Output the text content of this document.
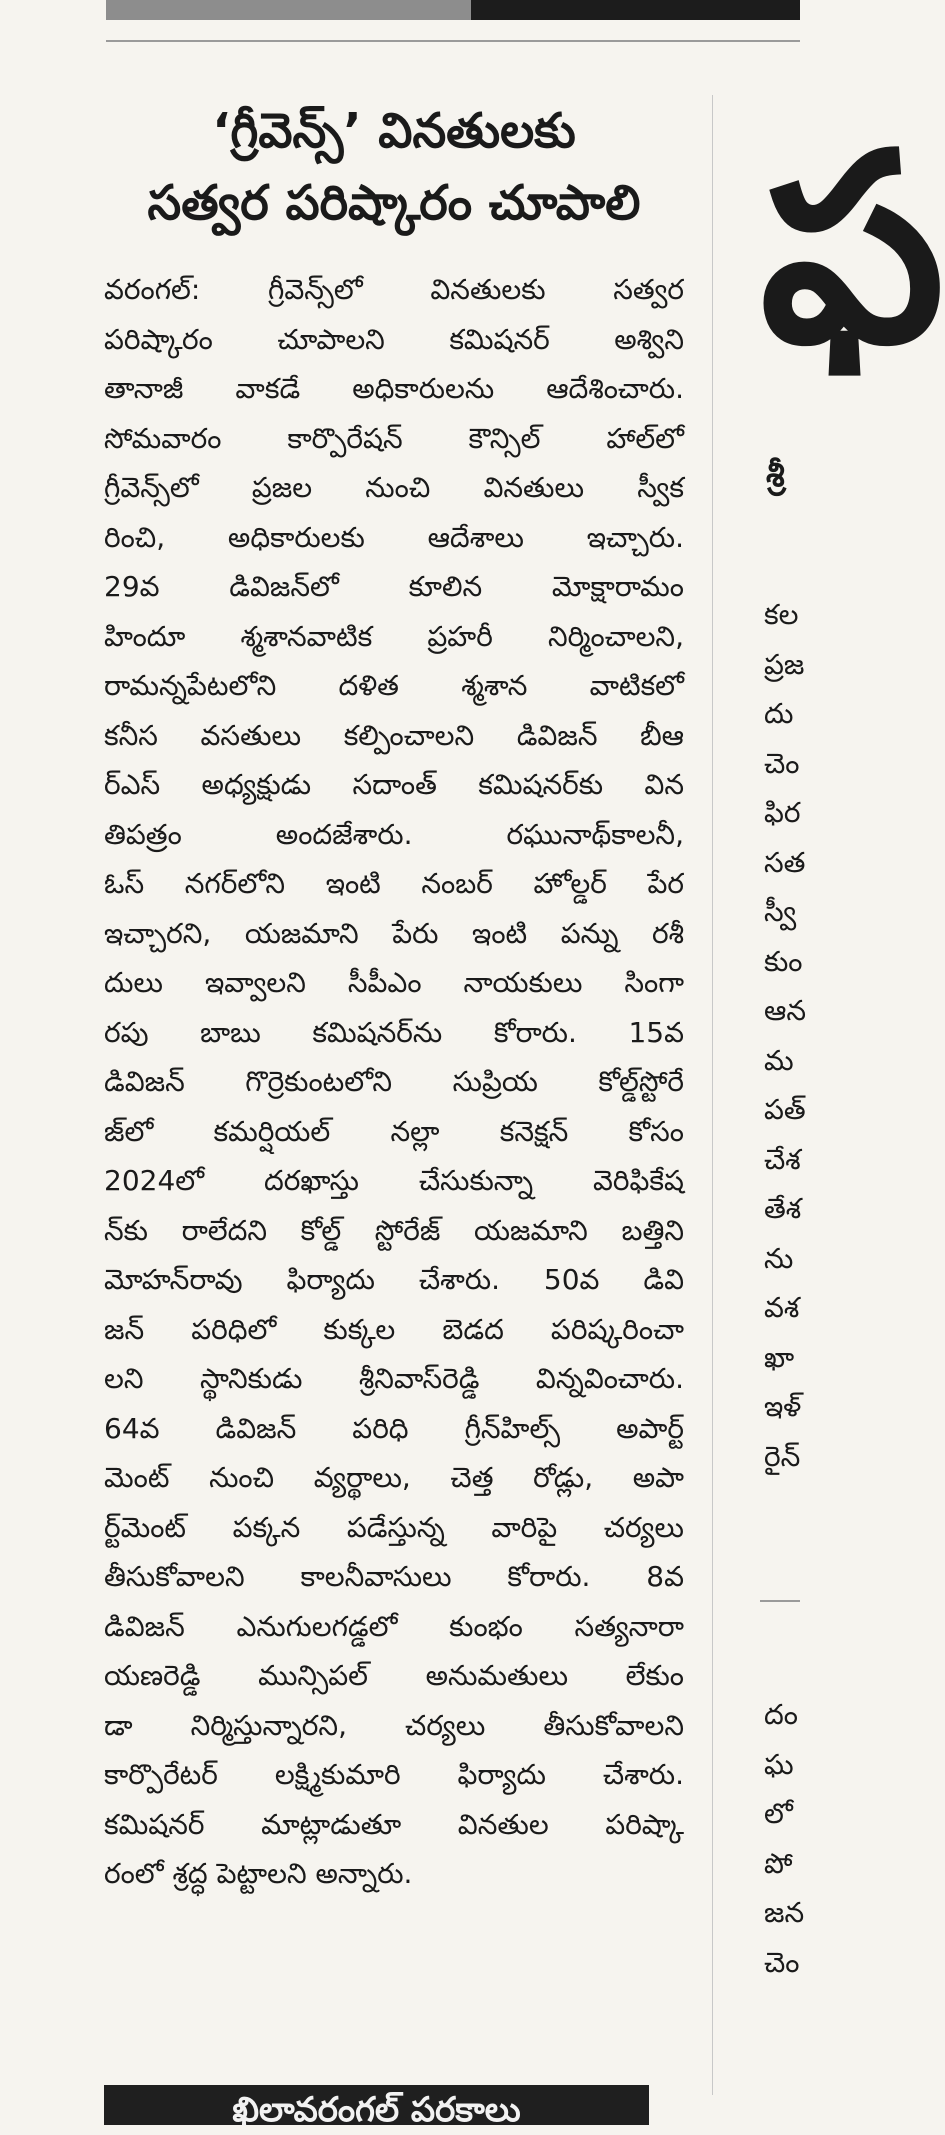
‘గ్రీవెన్స్’ వినతులకు
సత్వర పరిష్కారం చూపాలి
వరంగల్: గ్రీవెన్స్‌లో వినతులకు సత్వర
పరిష్కారం చూపాలని కమిషనర్ అశ్విని
తానాజీ వాకడే అధికారులను ఆదేశించారు.
సోమవారం కార్పొరేషన్ కౌన్సిల్ హాల్‌లో
గ్రీవెన్స్‌లో ప్రజల నుంచి వినతులు స్వీక
రించి, అధికారులకు ఆదేశాలు ఇచ్చారు.
29వ డివిజన్‌లో కూలిన మోక్షారామం
హిందూ శ్మశానవాటిక ప్రహరీ నిర్మించాలని,
రామన్నపేటలోని దళిత శ్మశాన వాటికలో
కనీస వసతులు కల్పించాలని డివిజన్ బీఆ
ర్ఎస్ అధ్యక్షుడు సదాంత్ కమిషనర్‌కు విన
తిపత్రం అందజేశారు. రఘునాథ్‌కాలనీ,
ఓస్ నగర్‌లోని ఇంటి నంబర్ హోల్డర్ పేర
ఇచ్చారని, యజమాని పేరు ఇంటి పన్ను రశీ
దులు ఇవ్వాలని సీపీఎం నాయకులు సింగా
రపు బాబు కమిషనర్‌ను కోరారు. 15వ
డివిజన్ గొర్రెకుంటలోని సుప్రియ కోల్డ్‌స్టోరే
జ్‌లో కమర్షియల్ నల్లా కనెక్షన్ కోసం
2024లో దరఖాస్తు చేసుకున్నా వెరిఫికేష
న్‌కు రాలేదని కోల్డ్ స్టోరేజ్ యజమాని బత్తిని
మోహన్‌రావు ఫిర్యాదు చేశారు. 50వ డివి
జన్ పరిధిలో కుక్కల బెడద పరిష్కరించా
లని స్థానికుడు శ్రీనివాస్‌రెడ్డి విన్నవించారు.
64వ డివిజన్ పరిధి గ్రీన్‌హిల్స్ అపార్ట్
మెంట్ నుంచి వ్యర్థాలు, చెత్త రోడ్లు, అపా
ర్ట్‌మెంట్ పక్కన పడేస్తున్న వారిపై చర్యలు
తీసుకోవాలని కాలనీవాసులు కోరారు. 8వ
డివిజన్ ఎనుగులగడ్డలో కుంభం సత్యనారా
యణరెడ్డి మున్సిపల్ అనుమతులు లేకుం
డా నిర్మిస్తున్నారని, చర్యలు తీసుకోవాలని
కార్పొరేటర్ లక్ష్మికుమారి ఫిర్యాదు చేశారు.
కమిషనర్ మాట్లాడుతూ వినతుల పరిష్కా
రంలో శ్రద్ధ పెట్టాలని అన్నారు.
ఖిలావరంగల్ పరకాలు
ఫ
శ్రీ
కల
ప్రజ
దు
చెం
ఫిర
సత
స్వీ
కుం
ఆన
మ
పత్
చేశ
తేశ
ను
వశ
ఖా
ఇళ్
రైన్
దం
ఘ
లో
పో
జన
చెం
